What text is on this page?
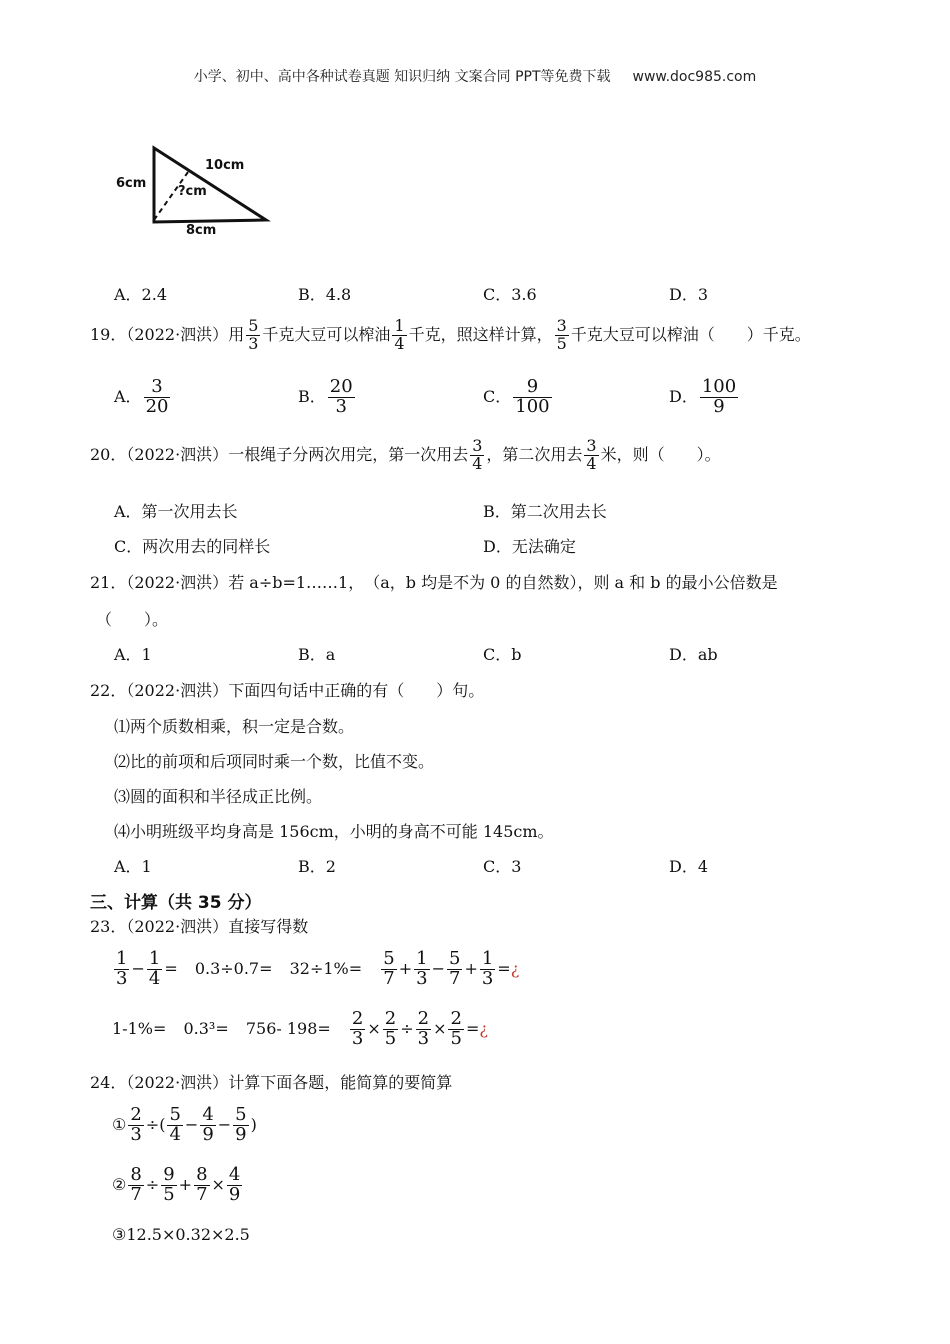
小学、初中、高中各种试卷真题 知识归纳 文案合同 PPT等免费下载 www.doc985.com
6cm
10cm
?cm
8cm
A．2.4	B．4.8	C．3.6	D．3
19．（2022·泗洪）用 $\frac{5}{3}$ 千克大豆可以榨油 $\frac{1}{4}$ 千克，照这样计算， $\frac{3}{5}$ 千克大豆可以榨油（　　）千克。
A． $\frac{3}{20}$	B． $\frac{20}{3}$	C． $\frac{9}{100}$	D． $\frac{100}{9}$
20．（2022·泗洪）一根绳子分两次用完，第一次用去 $\frac{3}{4}$ ，第二次用去 $\frac{3}{4}$ 米，则（　　）。
A．第一次用去长	B．第二次用去长
C．两次用去的同样长	D．无法确定
21．（2022·泗洪）若 a÷b=1……1，　（a，b 均是不为 0 的自然数），则 a 和 b 的最小公倍数是
（　　）。
A．1	B．a	C．b	D．ab
22．（2022·泗洪）下面四句话中正确的有（　　）句。
⑴两个质数相乘，积一定是合数。
⑵比的前项和后项同时乘一个数，比值不变。
⑶圆的面积和半径成正比例。
⑷小明班级平均身高是 156cm，小明的身高不可能 145cm。
A．1	B．2	C．3	D．4
三、计算（共 35 分）
23．（2022·泗洪）直接写得数
$\frac{1}{3} - \frac{1}{4} = 0.3\div 0.7= 32\div 1\%= \frac{5}{7} + \frac{1}{3} - \frac{5}{7} + \frac{1}{3}$ =¿
1-1%= 0.3³= 756- $198= \frac{2}{3} \times \frac{2}{5} \div \frac{2}{3} \times \frac{2}{5}$ =¿
24．（2022·泗洪）计算下面各题，能简算的要简算
① $\frac{2}{3}$ ÷( $\frac{5}{4} - \frac{4}{9} - \frac{5}{9}$ )
② $\frac{8}{7} \div \frac{9}{5} + \frac{8}{7} \times \frac{4}{9}$
③12.5×0.32×2.5
